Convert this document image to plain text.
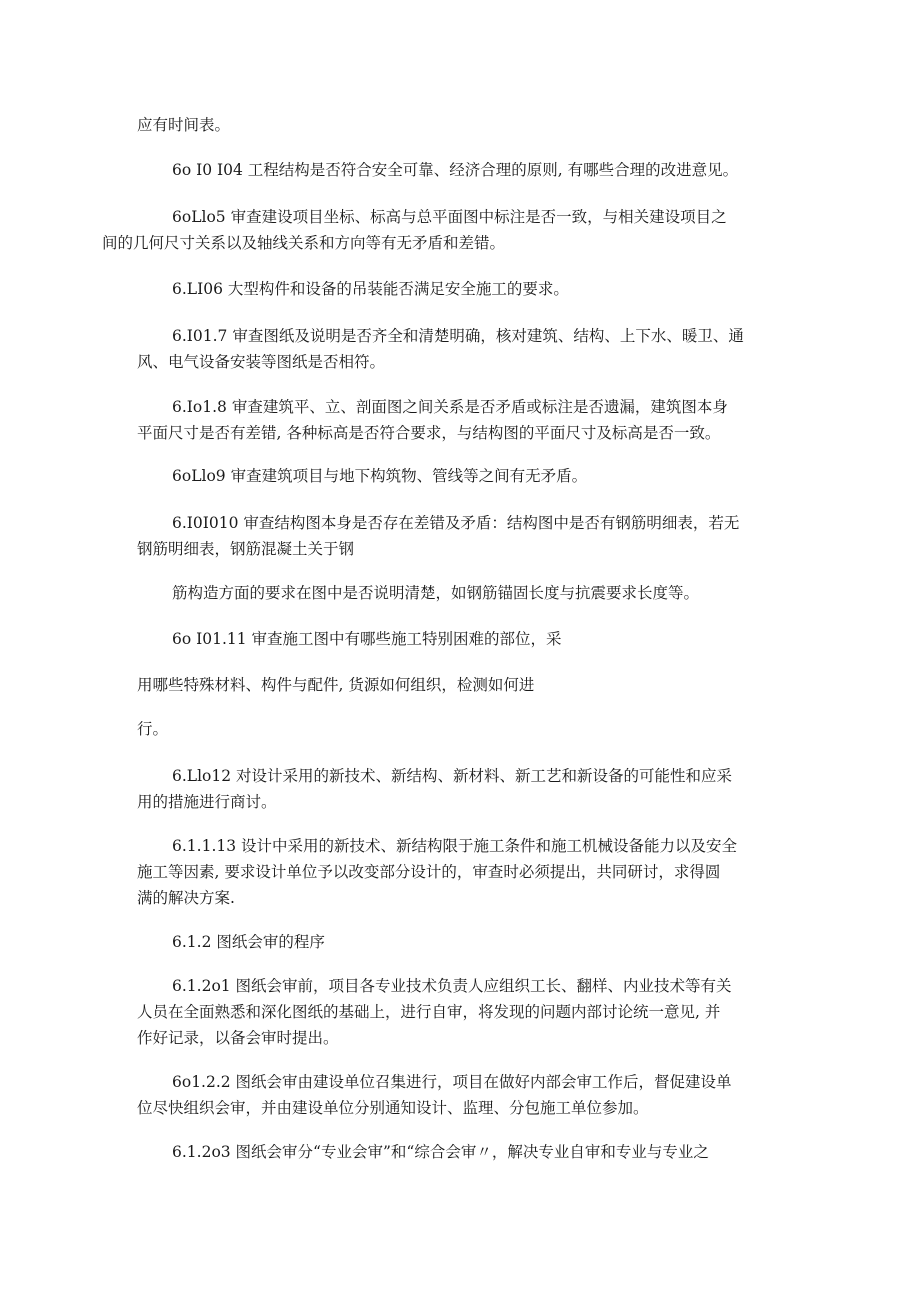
应有时间表。

6o I0 I04 工程结构是否符合安全可靠、经济合理的原则, 有哪些合理的改进意见。

6oLlo5 审查建设项目坐标、标高与总平面图中标注是否一致，与相关建设项目之
间的几何尺寸关系以及轴线关系和方向等有无矛盾和差错。

6.LI06 大型构件和设备的吊装能否满足安全施工的要求。

6.I01.7 审查图纸及说明是否齐全和清楚明确，核对建筑、结构、上下水、暖卫、通
风、电气设备安装等图纸是否相符。

6.Io1.8 审查建筑平、立、剖面图之间关系是否矛盾或标注是否遗漏，建筑图本身
平面尺寸是否有差错, 各种标高是否符合要求，与结构图的平面尺寸及标高是否一致。

6oLlo9 审查建筑项目与地下构筑物、管线等之间有无矛盾。

6.I0I010 审查结构图本身是否存在差错及矛盾：结构图中是否有钢筋明细表，若无
钢筋明细表，钢筋混凝土关于钢

筋构造方面的要求在图中是否说明清楚，如钢筋锚固长度与抗震要求长度等。

6o I01.11 审查施工图中有哪些施工特别困难的部位，采

用哪些特殊材料、构件与配件, 货源如何组织，检测如何进

行。

6.Llo12 对设计采用的新技术、新结构、新材料、新工艺和新设备的可能性和应采
用的措施进行商讨。

6.1.1.13 设计中采用的新技术、新结构限于施工条件和施工机械设备能力以及安全
施工等因素, 要求设计单位予以改变部分设计的，审查时必须提出，共同研讨，求得圆
满的解决方案.

6.1.2 图纸会审的程序

6.1.2o1 图纸会审前，项目各专业技术负责人应组织工长、翻样、内业技术等有关
人员在全面熟悉和深化图纸的基础上，进行自审，将发现的问题内部讨论统一意见, 并
作好记录，以备会审时提出。

6o1.2.2 图纸会审由建设单位召集进行，项目在做好内部会审工作后，督促建设单
位尽快组织会审，并由建设单位分别通知设计、监理、分包施工单位参加。

6.1.2o3 图纸会审分“专业会审”和“综合会审〃，解决专业自审和专业与专业之
